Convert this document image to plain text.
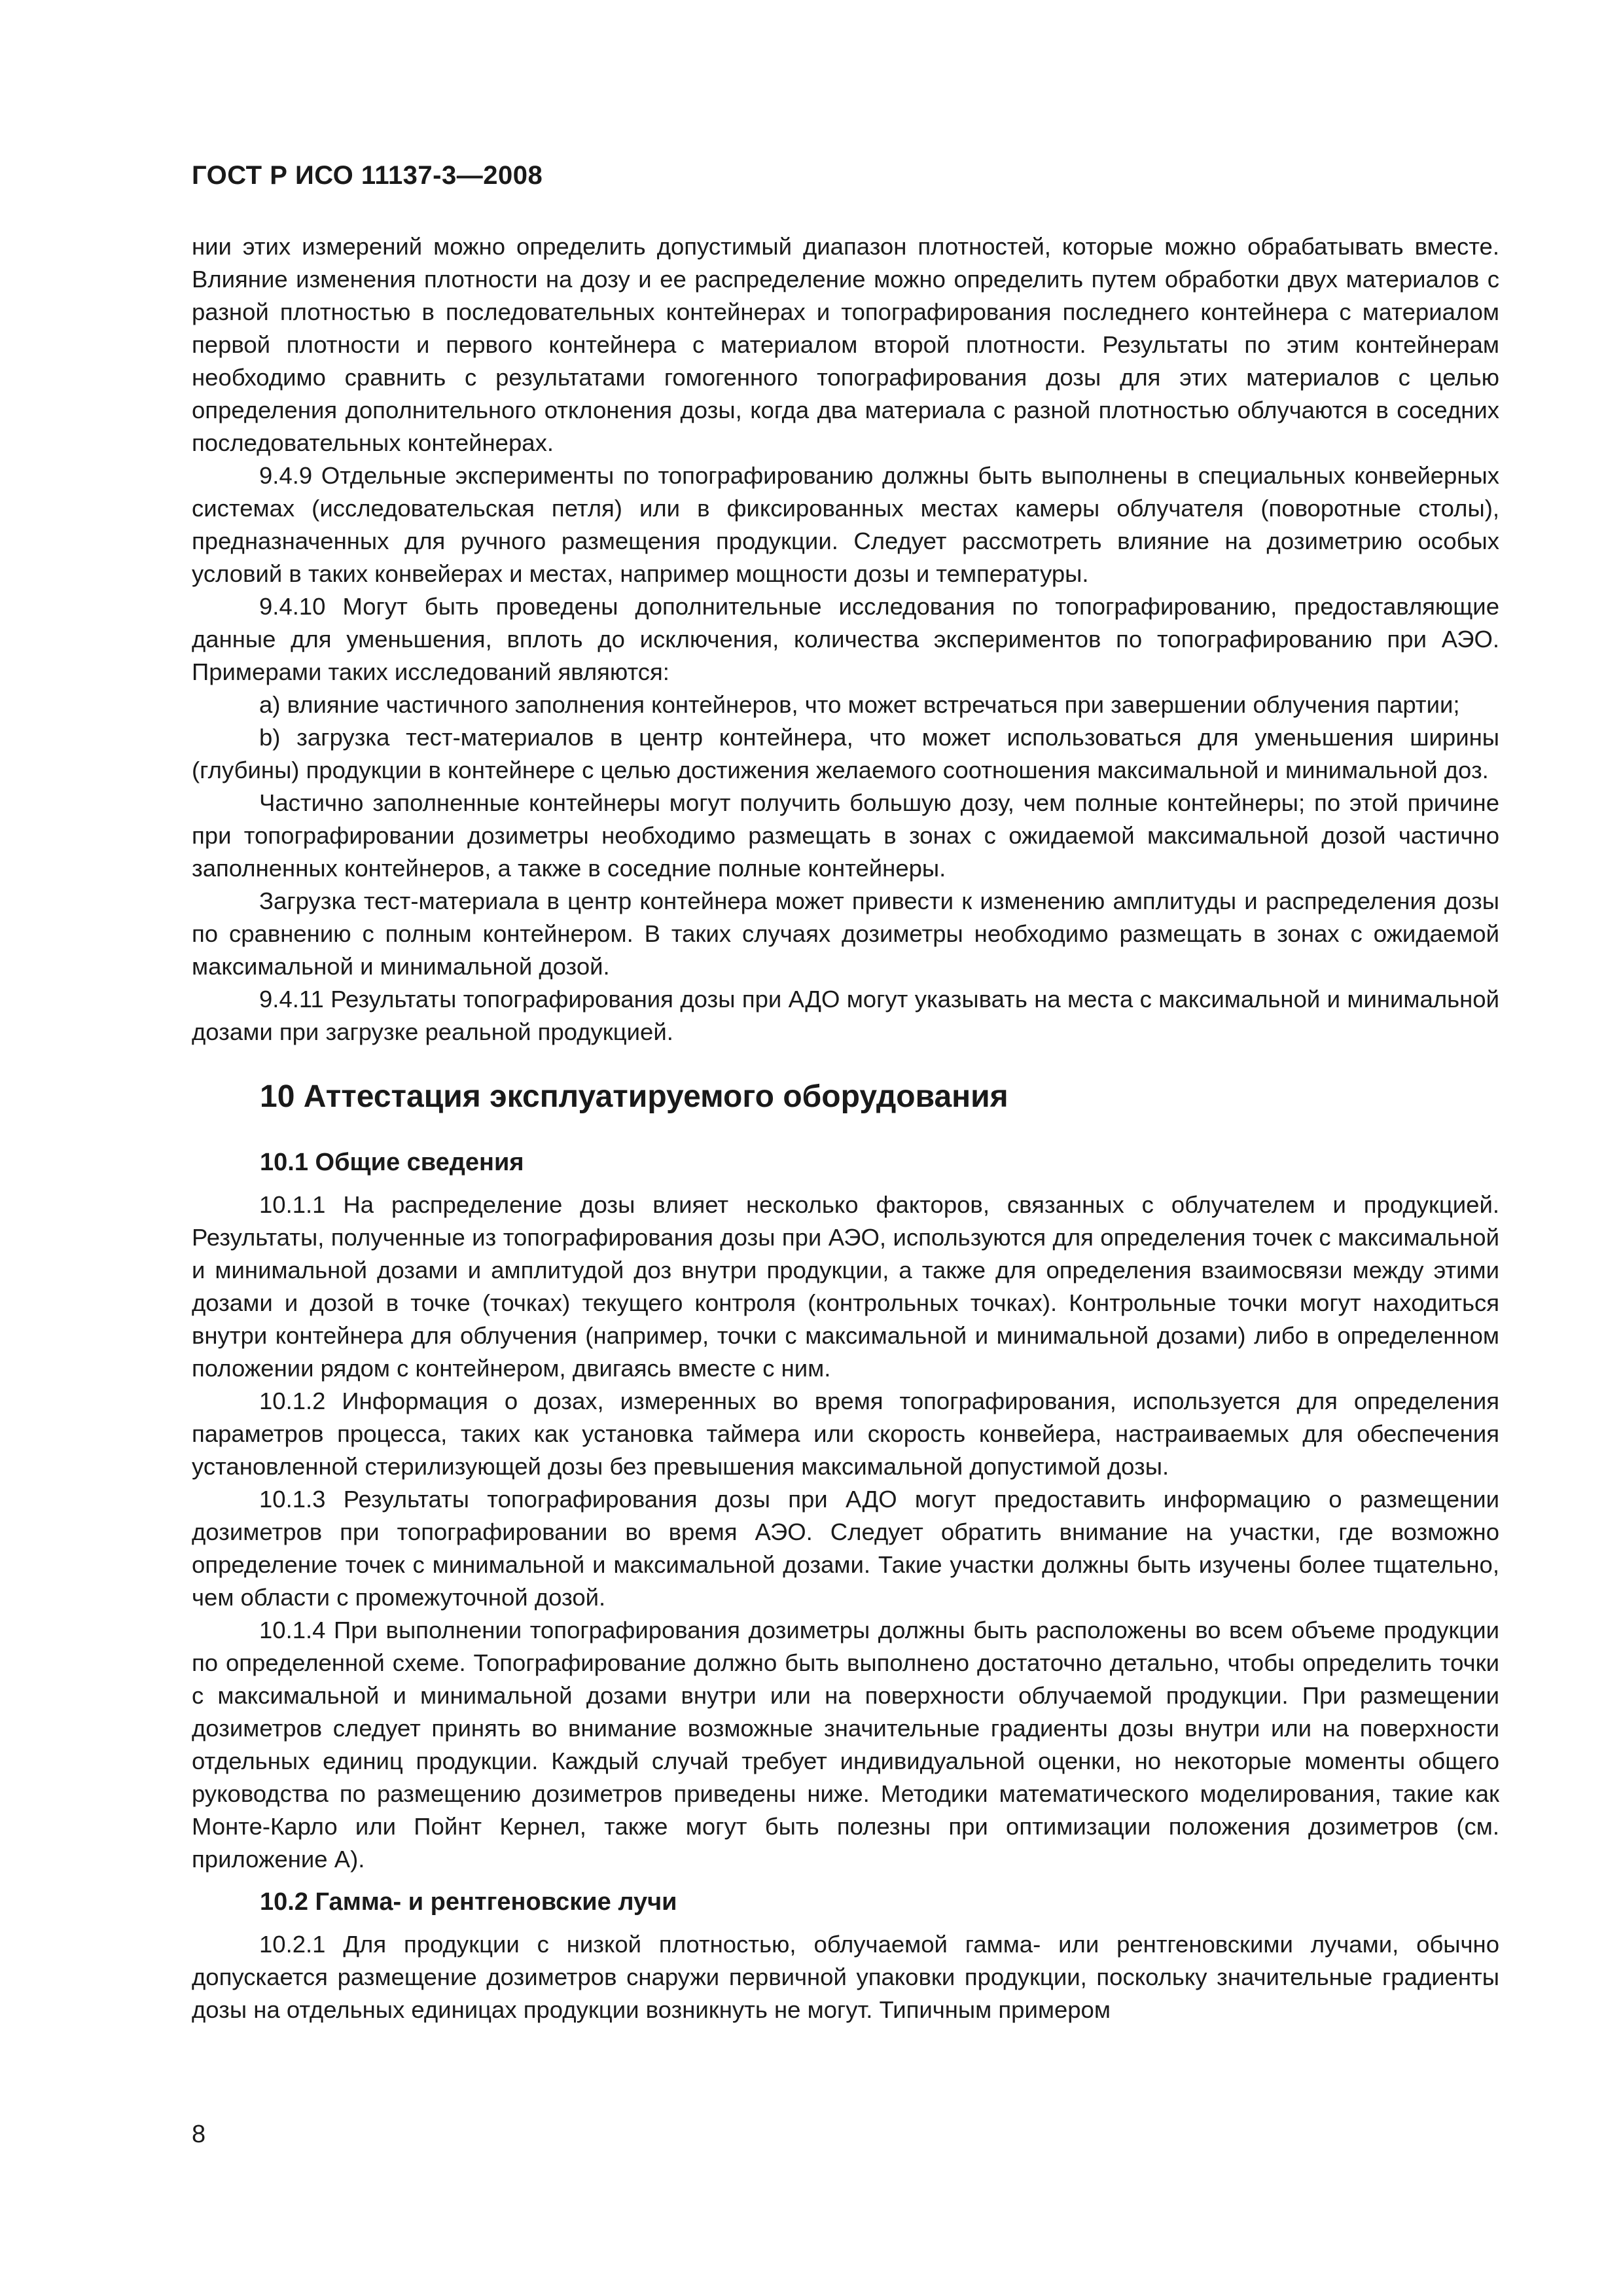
ГОСТ Р ИСО 11137-3—2008

нии этих измерений можно определить допустимый диапазон плотностей, которые можно обрабатывать вместе. Влияние изменения плотности на дозу и ее распределение можно определить путем обработки двух материалов с разной плотностью в последовательных контейнерах и топографирования последнего контейнера с материалом первой плотности и первого контейнера с материалом второй плотности. Результаты по этим контейнерам необходимо сравнить с результатами гомогенного топографирования дозы для этих материалов с целью определения дополнительного отклонения дозы, когда два материала с разной плотностью облучаются в соседних последовательных контейнерах.

9.4.9 Отдельные эксперименты по топографированию должны быть выполнены в специальных конвейерных системах (исследовательская петля) или в фиксированных местах камеры облучателя (поворотные столы), предназначенных для ручного размещения продукции. Следует рассмотреть влияние на дозиметрию особых условий в таких конвейерах и местах, например мощности дозы и температуры.

9.4.10 Могут быть проведены дополнительные исследования по топографированию, предоставляющие данные для уменьшения, вплоть до исключения, количества экспериментов по топографированию при АЭО. Примерами таких исследований являются:

а) влияние частичного заполнения контейнеров, что может встречаться при завершении облучения партии;

b) загрузка тест-материалов в центр контейнера, что может использоваться для уменьшения ширины (глубины) продукции в контейнере с целью достижения желаемого соотношения максимальной и минимальной доз.

Частично заполненные контейнеры могут получить большую дозу, чем полные контейнеры; по этой причине при топографировании дозиметры необходимо размещать в зонах с ожидаемой максимальной дозой частично заполненных контейнеров, а также в соседние полные контейнеры.

Загрузка тест-материала в центр контейнера может привести к изменению амплитуды и распределения дозы по сравнению с полным контейнером. В таких случаях дозиметры необходимо размещать в зонах с ожидаемой максимальной и минимальной дозой.

9.4.11 Результаты топографирования дозы при АДО могут указывать на места с максимальной и минимальной дозами при загрузке реальной продукцией.

10 Аттестация эксплуатируемого оборудования
10.1 Общие сведения

10.1.1 На распределение дозы влияет несколько факторов, связанных с облучателем и продукцией. Результаты, полученные из топографирования дозы при АЭО, используются для определения точек с максимальной и минимальной дозами и амплитудой доз внутри продукции, а также для определения взаимосвязи между этими дозами и дозой в точке (точках) текущего контроля (контрольных точках). Контрольные точки могут находиться внутри контейнера для облучения (например, точки с максимальной и минимальной дозами) либо в определенном положении рядом с контейнером, двигаясь вместе с ним.

10.1.2 Информация о дозах, измеренных во время топографирования, используется для определения параметров процесса, таких как установка таймера или скорость конвейера, настраиваемых для обеспечения установленной стерилизующей дозы без превышения максимальной допустимой дозы.

10.1.3 Результаты топографирования дозы при АДО могут предоставить информацию о размещении дозиметров при топографировании во время АЭО. Следует обратить внимание на участки, где возможно определение точек с минимальной и максимальной дозами. Такие участки должны быть изучены более тщательно, чем области с промежуточной дозой.

10.1.4 При выполнении топографирования дозиметры должны быть расположены во всем объеме продукции по определенной схеме. Топографирование должно быть выполнено достаточно детально, чтобы определить точки с максимальной и минимальной дозами внутри или на поверхности облучаемой продукции. При размещении дозиметров следует принять во внимание возможные значительные градиенты дозы внутри или на поверхности отдельных единиц продукции. Каждый случай требует индивидуальной оценки, но некоторые моменты общего руководства по размещению дозиметров приведены ниже. Методики математического моделирования, такие как Монте-Карло или Пойнт Кернел, также могут быть полезны при оптимизации положения дозиметров (см. приложение А).

10.2 Гамма- и рентгеновские лучи

10.2.1 Для продукции с низкой плотностью, облучаемой гамма- или рентгеновскими лучами, обычно допускается размещение дозиметров снаружи первичной упаковки продукции, поскольку значительные градиенты дозы на отдельных единицах продукции возникнуть не могут. Типичным примером

8
